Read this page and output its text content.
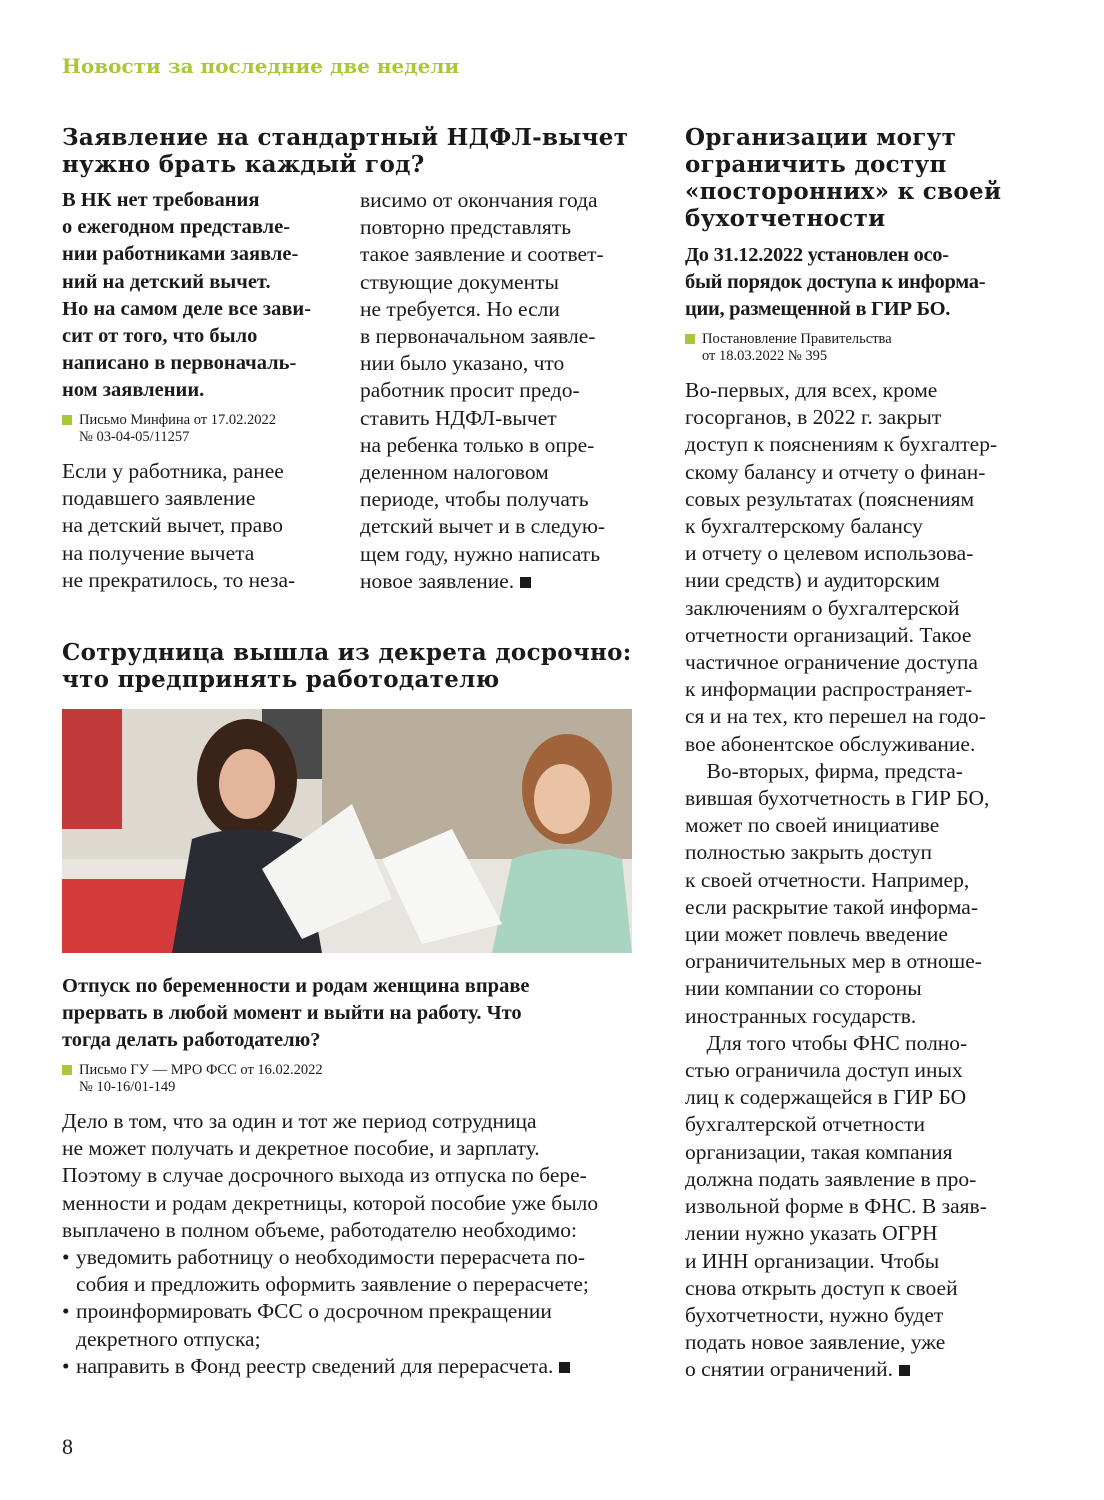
Новости за последние две недели
Заявление на стандартный НДФЛ-вычет
нужно брать каждый год?
В НК нет требования
о ежегодном представле-
нии работниками заявле-
ний на детский вычет.
Но на самом деле все зави-
сит от того, что было
написано в первоначаль-
ном заявлении.
Письмо Минфина от 17.02.2022
№ 03-04-05/11257
Если у работника, ранее
подавшего заявление
на детский вычет, право
на получение вычета
не прекратилось, то неза-
висимо от окончания года
повторно представлять
такое заявление и соответ-
ствующие документы
не требуется. Но если
в первоначальном заявле-
нии было указано, что
работник просит предо-
ставить НДФЛ-вычет
на ребенка только в опре-
деленном налоговом
периоде, чтобы получать
детский вычет и в следую-
щем году, нужно написать
новое заявление.
Сотрудница вышла из декрета досрочно:
что предпринять работодателю
Отпуск по беременности и родам женщина вправе
прервать в любой момент и выйти на работу. Что
тогда делать работодателю?
Письмо ГУ — МРО ФСС от 16.02.2022
№ 10-16/01-149
Дело в том, что за один и тот же период сотрудница
не может получать и декретное пособие, и зарплату.
Поэтому в случае досрочного выхода из отпуска по бере-
менности и родам декретницы, которой пособие уже было
выплачено в полном объеме, работодателю необходимо:
• уведомить работницу о необходимости перерасчета по-
собия и предложить оформить заявление о перерасчете;
• проинформировать ФСС о досрочном прекращении
декретного отпуска;
• направить в Фонд реестр сведений для перерасчета.
Организации могут
ограничить доступ
«посторонних» к своей
бухотчетности
До 31.12.2022 установлен осо-
бый порядок доступа к информа-
ции, размещенной в ГИР БО.
Постановление Правительства
от 18.03.2022 № 395
Во-первых, для всех, кроме
госорганов, в 2022 г. закрыт
доступ к пояснениям к бухгалтер-
скому балансу и отчету о финан-
совых результатах (пояснениям
к бухгалтерскому балансу
и отчету о целевом использова-
нии средств) и аудиторским
заключениям о бухгалтерской
отчетности организаций. Такое
частичное ограничение доступа
к информации распространяет-
ся и на тех, кто перешел на годо-
вое абонентское обслуживание.
Во-вторых, фирма, предста-
вившая бухотчетность в ГИР БО,
может по своей инициативе
полностью закрыть доступ
к своей отчетности. Например,
если раскрытие такой информа-
ции может повлечь введение
ограничительных мер в отноше-
нии компании со стороны
иностранных государств.
Для того чтобы ФНС полно-
стью ограничила доступ иных
лиц к содержащейся в ГИР БО
бухгалтерской отчетности
организации, такая компания
должна подать заявление в про-
извольной форме в ФНС. В заяв-
лении нужно указать ОГРН
и ИНН организации. Чтобы
снова открыть доступ к своей
бухотчетности, нужно будет
подать новое заявление, уже
о снятии ограничений.
8
